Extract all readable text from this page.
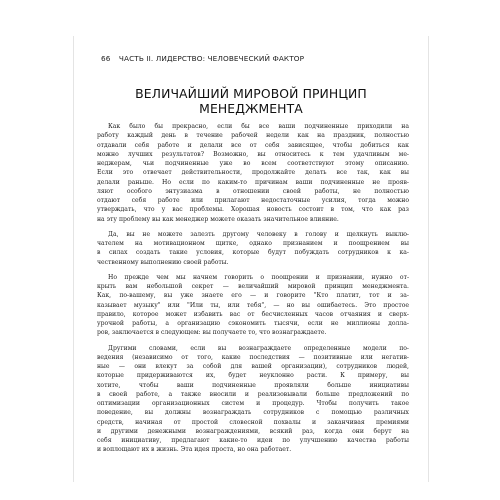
66 ЧАСТЬ II. ЛИДЕРСТВО: ЧЕЛОВЕЧЕСКИЙ ФАКТОР
ВЕЛИЧАЙШИЙ МИРОВОЙ ПРИНЦИП
МЕНЕДЖМЕНТА
Как было бы прекрасно, если бы все ваши подчиненные приходили на
работу каждый день в течение рабочей недели как на праздник, полностью
отдавали себя работе и делали все от себя зависящее, чтобы добиться как
можно лучших результатов? Возможно, вы относитесь к тем удачливым ме-
неджерам, чьи подчиненные уже во всем соответствуют этому описанию.
Если это отвечает действительности, продолжайте делать все так, как вы
делали раньше. Но если по каким-то причинам ваши подчиненные не прояв-
ляют особого энтузиазма в отношении своей работы, не полностью
отдают себя работе или прилагают недостаточные усилия, тогда можно
утверждать, что у вас проблемы. Хорошая новость состоит в том, что как раз
на эту проблему вы как менеджер можете оказать значительное влияние.
Да, вы не можете залезть другому человеку в голову и щелкнуть выклю-
чателем на мотивационном щитке, однако признанием и поощрением вы
в силах создать такие условия, которые будут побуждать сотрудников к ка-
чественному выполнению своей работы.
Но прежде чем мы начнем говорить о поощрении и признании, нужно от-
крыть вам небольшой секрет — величайший мировой принцип менеджмента.
Как, по-вашему, вы уже знаете его — и говорите "Кто платит, тот и за-
казывает музыку" или "Или ты, или тебя", — но вы ошибаетесь. Это простое
правило, которое может избавить вас от бесчисленных часов отчаяния и сверх-
урочной работы, а организацию сэкономить тысячи, если не миллионы долла-
ров, заключается в следующем: вы получаете то, что вознаграждаете.
Другими словами, если вы вознаграждаете определенные модели по-
ведения (независимо от того, какие последствия — позитивные или негатив-
ные — они влекут за собой для вашей организации), сотрудников людей,
которые придерживаются их, будет неуклонно расти. К примеру, вы
хотите, чтобы ваши подчиненные проявляли больше инициативы
в своей работе, а также вносили и реализовывали больше предложений по
оптимизации организационных систем и процедур. Чтобы получить такое
поведение, вы должны вознаграждать сотрудников с помощью различных
средств, начиная от простой словесной похвалы и заканчивая премиями
и другими денежными вознаграждениями, всякий раз, когда они берут на
себя инициативу, предлагают какие-то идеи по улучшению качества работы
и воплощают их в жизнь. Эта идея проста, но она работает.
